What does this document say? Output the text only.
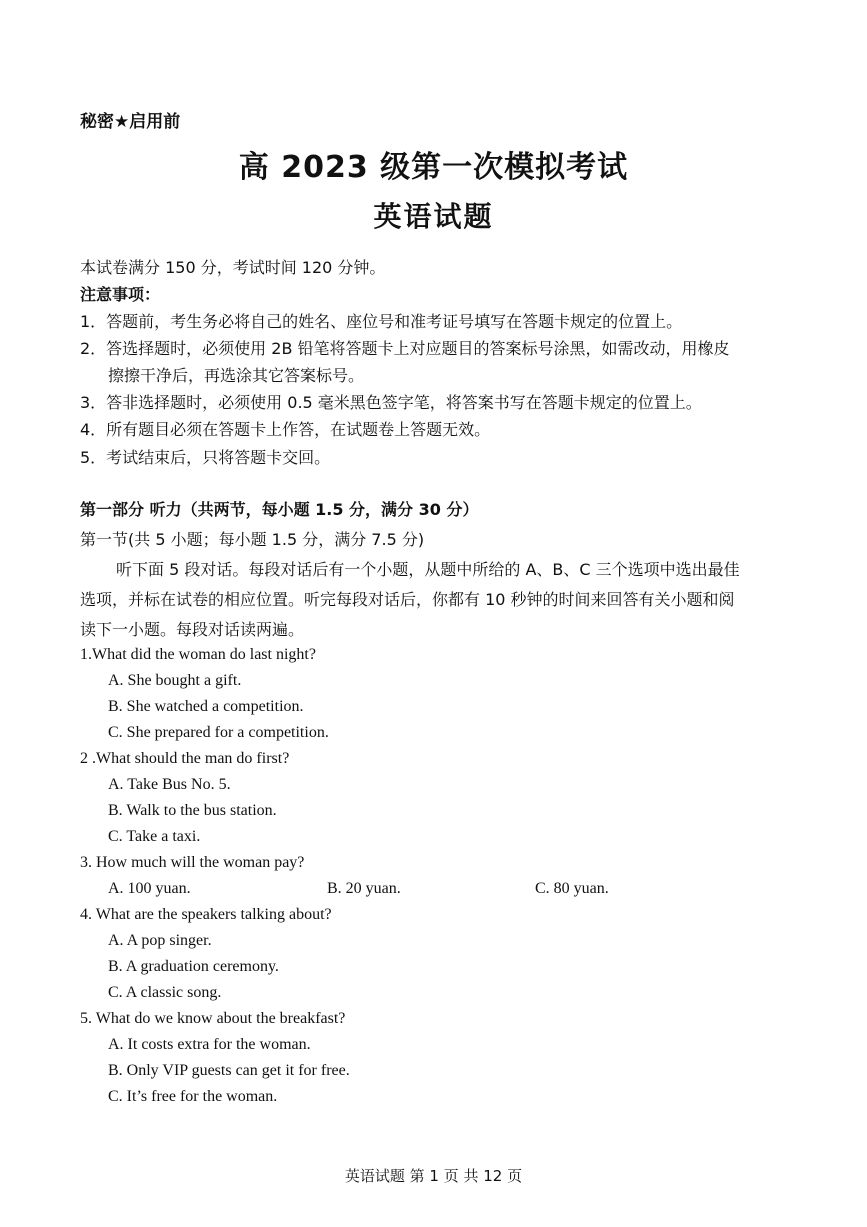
秘密★启用前
高 2023 级第一次模拟考试
英语试题
本试卷满分 150 分，考试时间 120 分钟。
注意事项：
1．答题前，考生务必将自己的姓名、座位号和准考证号填写在答题卡规定的位置上。
2．答选择题时，必须使用 2B 铅笔将答题卡上对应题目的答案标号涂黑，如需改动，用橡皮
擦擦干净后，再选涂其它答案标号。
3．答非选择题时，必须使用 0.5 毫米黑色签字笔，将答案书写在答题卡规定的位置上。
4．所有题目必须在答题卡上作答，在试题卷上答题无效。
5．考试结束后，只将答题卡交回。
第一部分 听力（共两节，每小题 1.5 分，满分 30 分）
第一节(共 5 小题；每小题 1.5 分，满分 7.5 分)
听下面 5 段对话。每段对话后有一个小题，从题中所给的 A、B、C 三个选项中选出最佳
选项，并标在试卷的相应位置。听完每段对话后，你都有 10 秒钟的时间来回答有关小题和阅
读下一小题。每段对话读两遍。
1.What did the woman do last night?
A. She bought a gift.
B. She watched a competition.
C. She prepared for a competition.
2 .What should the man do first?
A. Take Bus No. 5.
B. Walk to the bus station.
C. Take a taxi.
3. How much will the woman pay?
A. 100 yuan.	B. 20 yuan.	C. 80 yuan.
4. What are the speakers talking about?
A. A pop singer.
B. A graduation ceremony.
C. A classic song.
5. What do we know about the breakfast?
A. It costs extra for the woman.
B. Only VIP guests can get it for free.
C. It’s free for the woman.
英语试题 第 1 页 共 12 页
